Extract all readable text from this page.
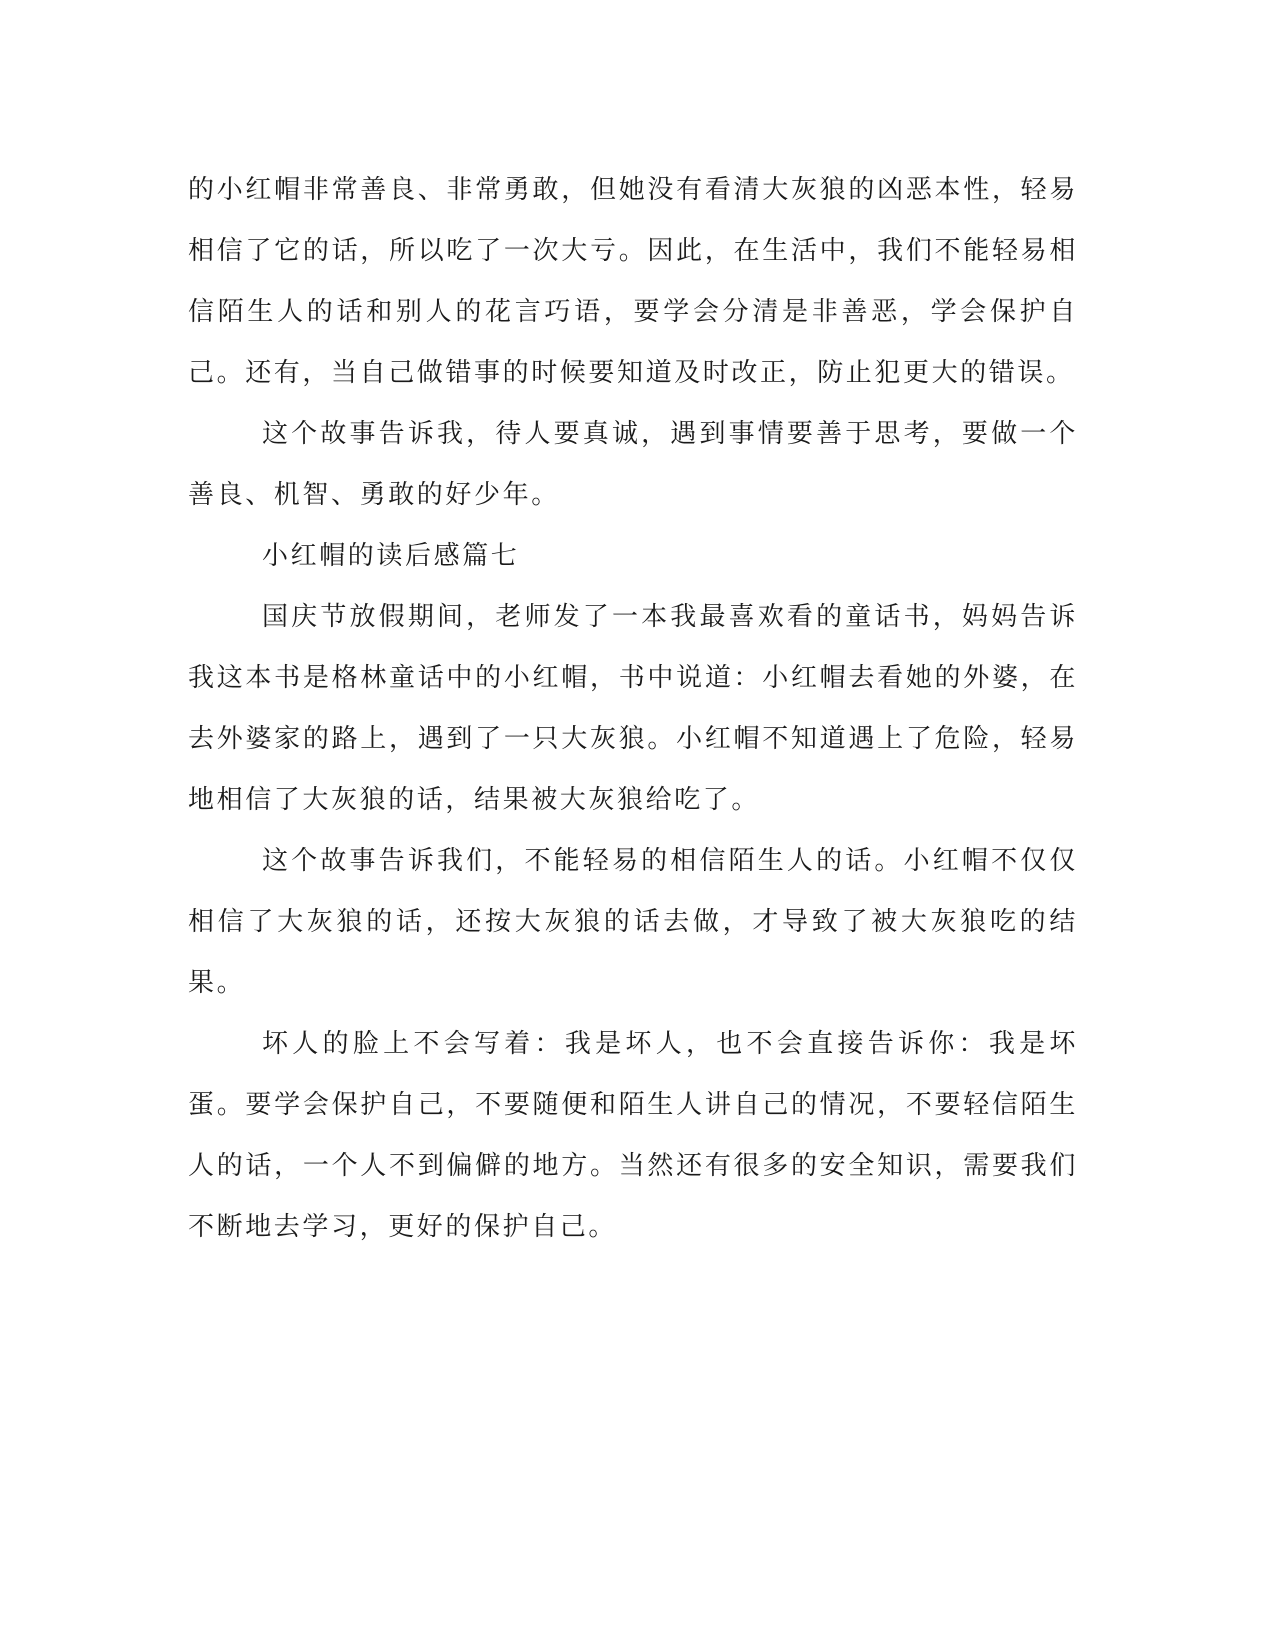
的小红帽非常善良、非常勇敢，但她没有看清大灰狼的凶恶本性，轻易相信了它的话，所以吃了一次大亏。因此，在生活中，我们不能轻易相信陌生人的话和别人的花言巧语，要学会分清是非善恶，学会保护自己。还有，当自己做错事的时候要知道及时改正，防止犯更大的错误。

这个故事告诉我，待人要真诚，遇到事情要善于思考，要做一个善良、机智、勇敢的好少年。

小红帽的读后感篇七

国庆节放假期间，老师发了一本我最喜欢看的童话书，妈妈告诉我这本书是格林童话中的小红帽，书中说道：小红帽去看她的外婆，在去外婆家的路上，遇到了一只大灰狼。小红帽不知道遇上了危险，轻易地相信了大灰狼的话，结果被大灰狼给吃了。

这个故事告诉我们，不能轻易的相信陌生人的话。小红帽不仅仅相信了大灰狼的话，还按大灰狼的话去做，才导致了被大灰狼吃的结果。

坏人的脸上不会写着：我是坏人，也不会直接告诉你：我是坏蛋。要学会保护自己，不要随便和陌生人讲自己的情况，不要轻信陌生人的话，一个人不到偏僻的地方。当然还有很多的安全知识，需要我们不断地去学习，更好的保护自己。
